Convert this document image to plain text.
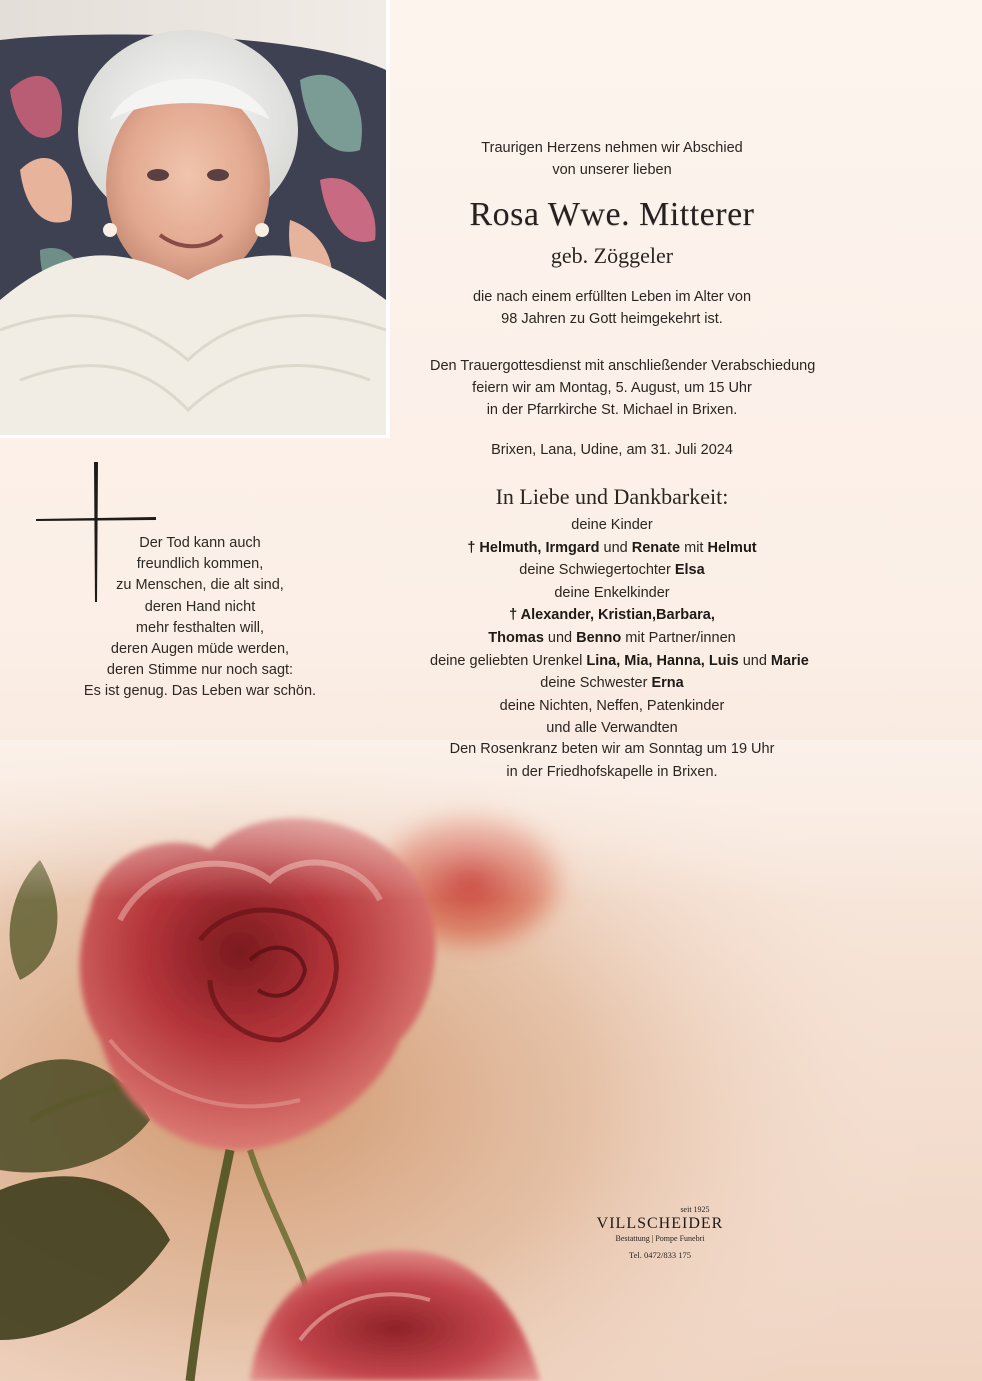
Der Tod kann auch
freundlich kommen,
zu Menschen, die alt sind,
deren Hand nicht
mehr festhalten will,
deren Augen müde werden,
deren Stimme nur noch sagt:
Es ist genug. Das Leben war schön.
Traurigen Herzens nehmen wir Abschied
von unserer lieben
Rosa Wwe. Mitterer
geb. Zöggeler
die nach einem erfüllten Leben im Alter von
98 Jahren zu Gott heimgekehrt ist.
Den Trauergottesdienst mit anschließender Verabschiedung
feiern wir am Montag, 5. August, um 15 Uhr
in der Pfarrkirche St. Michael in Brixen.
Brixen, Lana, Udine, am 31. Juli 2024
In Liebe und Dankbarkeit:
deine Kinder
† Helmuth, Irmgard und Renate mit Helmut
deine Schwiegertochter Elsa
deine Enkelkinder
† Alexander, Kristian,Barbara,
Thomas und Benno mit Partner/innen
deine geliebten Urenkel Lina, Mia, Hanna, Luis und Marie
deine Schwester Erna
deine Nichten, Neffen, Patenkinder
und alle Verwandten
Den Rosenkranz beten wir am Sonntag um 19 Uhr
in der Friedhofskapelle in Brixen.
seit 1925
VILLSCHEIDER
Bestattung | Pompe Funebri
Tel. 0472/833 175
